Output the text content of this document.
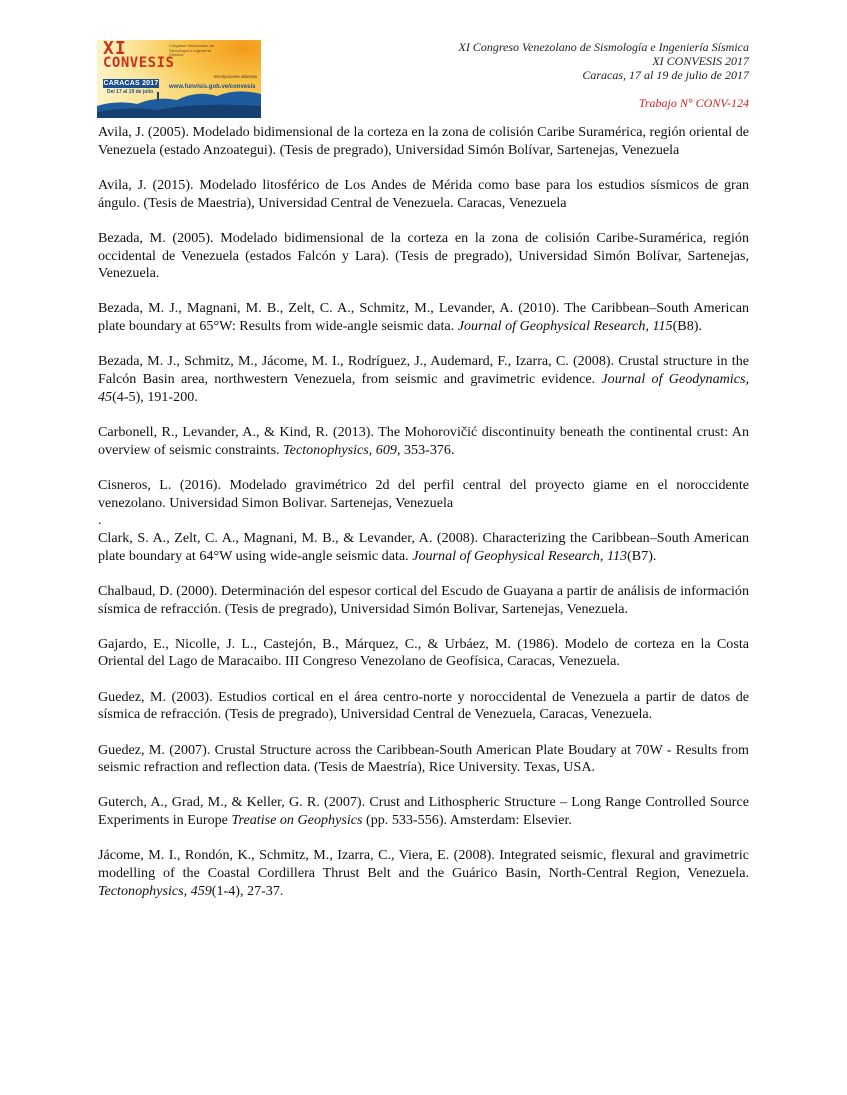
XI
CONVESIS
Congreso Venezolano de Sismología e Ingeniería Sísmica
CARACAS 2017
Del 17 al 19 de julio
Inscripciones abiertas
www.funvisis.gob.ve/convesis
XI Congreso Venezolano de Sismología e Ingeniería Sísmica
XI CONVESIS 2017
Caracas, 17 al 19 de julio de 2017
Trabajo N° CONV-124

Avila, J. (2005). Modelado bidimensional de la corteza en la zona de colisión Caribe Suramérica, región oriental de Venezuela (estado Anzoategui). (Tesis de pregrado), Universidad Simón Bolívar, Sartenejas, Venezuela

Avila, J. (2015). Modelado litosférico de Los Andes de Mérida como base para los estudios sísmicos de gran ángulo. (Tesis de Maestria), Universidad Central de Venezuela. Caracas, Venezuela

Bezada, M. (2005). Modelado bidimensional de la corteza en la zona de colisión Caribe-Suramérica, región occidental de Venezuela (estados Falcón y Lara). (Tesis de pregrado), Universidad Simón Bolívar, Sartenejas, Venezuela.

Bezada, M. J., Magnani, M. B., Zelt, C. A., Schmitz, M., Levander, A. (2010). The Caribbean–South American plate boundary at 65°W: Results from wide-angle seismic data. Journal of Geophysical Research, 115(B8).

Bezada, M. J., Schmitz, M., Jácome, M. I., Rodríguez, J., Audemard, F., Izarra, C. (2008). Crustal structure in the Falcón Basin area, northwestern Venezuela, from seismic and gravimetric evidence. Journal of Geodynamics, 45(4-5), 191-200.

Carbonell, R., Levander, A., & Kind, R. (2013). The Mohorovičić discontinuity beneath the continental crust: An overview of seismic constraints. Tectonophysics, 609, 353-376.

Cisneros, L. (2016). Modelado gravimétrico 2d del perfil central del proyecto giame en el noroccidente venezolano. Universidad Simon Bolivar. Sartenejas, Venezuela

.

Clark, S. A., Zelt, C. A., Magnani, M. B., & Levander, A. (2008). Characterizing the Caribbean–South American plate boundary at 64°W using wide-angle seismic data. Journal of Geophysical Research, 113(B7).

Chalbaud, D. (2000). Determinación del espesor cortical del Escudo de Guayana a partir de análisis de información sísmica de refracción. (Tesis de pregrado), Universidad Simón Bolivar, Sartenejas, Venezuela.

Gajardo, E., Nicolle, J. L., Castejón, B., Márquez, C., & Urbáez, M. (1986). Modelo de corteza en la Costa Oriental del Lago de Maracaibo. III Congreso Venezolano de Geofísica, Caracas, Venezuela.

Guedez, M. (2003). Estudios cortical en el área centro-norte y noroccidental de Venezuela a partir de datos de sísmica de refracción. (Tesis de pregrado), Universidad Central de Venezuela, Caracas, Venezuela.

Guedez, M. (2007). Crustal Structure across the Caribbean-South American Plate Boudary at 70W - Results from seismic refraction and reflection data. (Tesis de Maestría), Rice University. Texas, USA.

Guterch, A., Grad, M., & Keller, G. R. (2007). Crust and Lithospheric Structure – Long Range Controlled Source Experiments in Europe Treatise on Geophysics (pp. 533-556). Amsterdam: Elsevier.

Jácome, M. I., Rondón, K., Schmitz, M., Izarra, C., Viera, E. (2008). Integrated seismic, flexural and gravimetric modelling of the Coastal Cordillera Thrust Belt and the Guárico Basin, North-Central Region, Venezuela. Tectonophysics, 459(1-4), 27-37.
